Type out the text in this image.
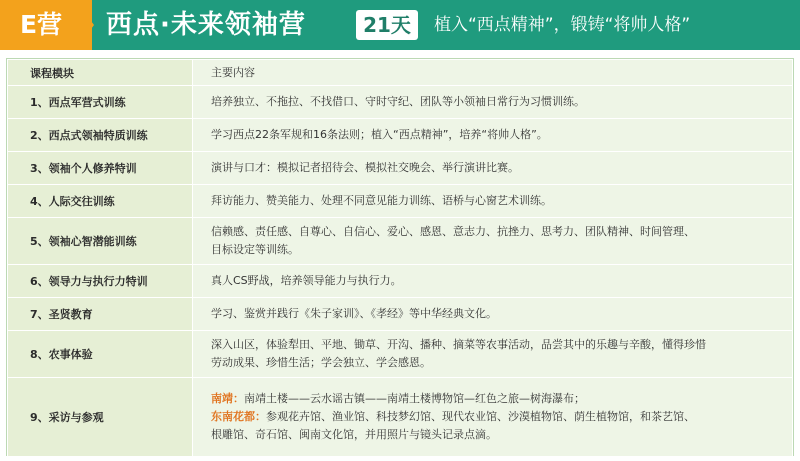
E营	西点·未来领袖营	21天	植入“西点精神”，锻铸“将帅人格”
课程模块	主要内容
1、西点军营式训练	培养独立、不拖拉、不找借口、守时守纪、团队等小领袖日常行为习惯训练。

2、西点式领袖特质训练	学习西点22条军规和16条法则；植入“西点精神”，培养“将帅人格”。

3、领袖个人修养特训	演讲与口才：模拟记者招待会、模拟社交晚会、举行演讲比赛。

4、人际交往训练	拜访能力、赞美能力、处理不同意见能力训练、语桥与心窗艺术训练。

5、领袖心智潜能训练	信赖感、责任感、自尊心、自信心、爱心、感恩、意志力、抗挫力、思考力、团队精神、时间管理、
目标设定等训练。

6、领导力与执行力特训	真人CS野战，培养领导能力与执行力。

7、圣贤教育	学习、鉴赏并践行《朱子家训》、《孝经》等中华经典文化。

8、农事体验	深入山区，体验犁田、平地、锄草、开沟、播种、摘菜等农事活动，品尝其中的乐趣与辛酸，懂得珍惜
劳动成果、珍惜生活；学会独立、学会感恩。

9、采访与参观	南靖：南靖土楼——云水谣古镇——南靖土楼博物馆—红色之旅—树海瀑布；
东南花都：参观花卉馆、渔业馆、科技梦幻馆、现代农业馆、沙漠植物馆、荫生植物馆，和茶艺馆、
根雕馆、奇石馆、闽南文化馆，并用照片与镜头记录点滴。
